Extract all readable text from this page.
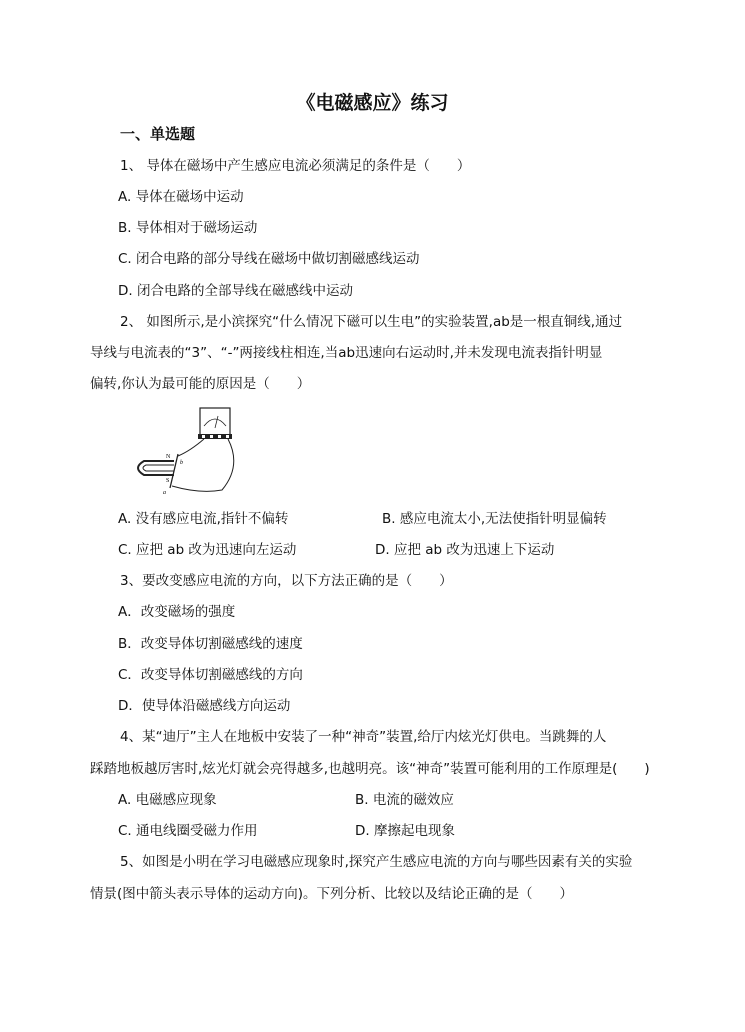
《电磁感应》练习
一、单选题
1、 导体在磁场中产生感应电流必须满足的条件是（　　）
A. 导体在磁场中运动
B. 导体相对于磁场运动
C. 闭合电路的部分导线在磁场中做切割磁感线运动
D. 闭合电路的全部导线在磁感线中运动
2、 如图所示,是小滨探究“什么情况下磁可以生电”的实验装置,ab是一根直铜线,通过
导线与电流表的“3”、“-”两接线柱相连,当ab迅速向右运动时,并未发现电流表指针明显
偏转,你认为最可能的原因是（　　）
N
S
b
a
A. 没有感应电流,指针不偏转	B. 感应电流太小,无法使指针明显偏转
C. 应把 ab 改为迅速向左运动	D. 应把 ab 改为迅速上下运动
3、要改变感应电流的方向，以下方法正确的是（　　）
A．改变磁场的强度
B．改变导体切割磁感线的速度
C．改变导体切割磁感线的方向
D．使导体沿磁感线方向运动
4、某“迪厅”主人在地板中安装了一种“神奇”装置,给厅内炫光灯供电。当跳舞的人
踩踏地板越厉害时,炫光灯就会亮得越多,也越明亮。该“神奇”装置可能利用的工作原理是(　　)
A. 电磁感应现象	B. 电流的磁效应
C. 通电线圈受磁力作用	D. 摩擦起电现象
5、如图是小明在学习电磁感应现象时,探究产生感应电流的方向与哪些因素有关的实验
情景(图中箭头表示导体的运动方向)。下列分析、比较以及结论正确的是（　　）
